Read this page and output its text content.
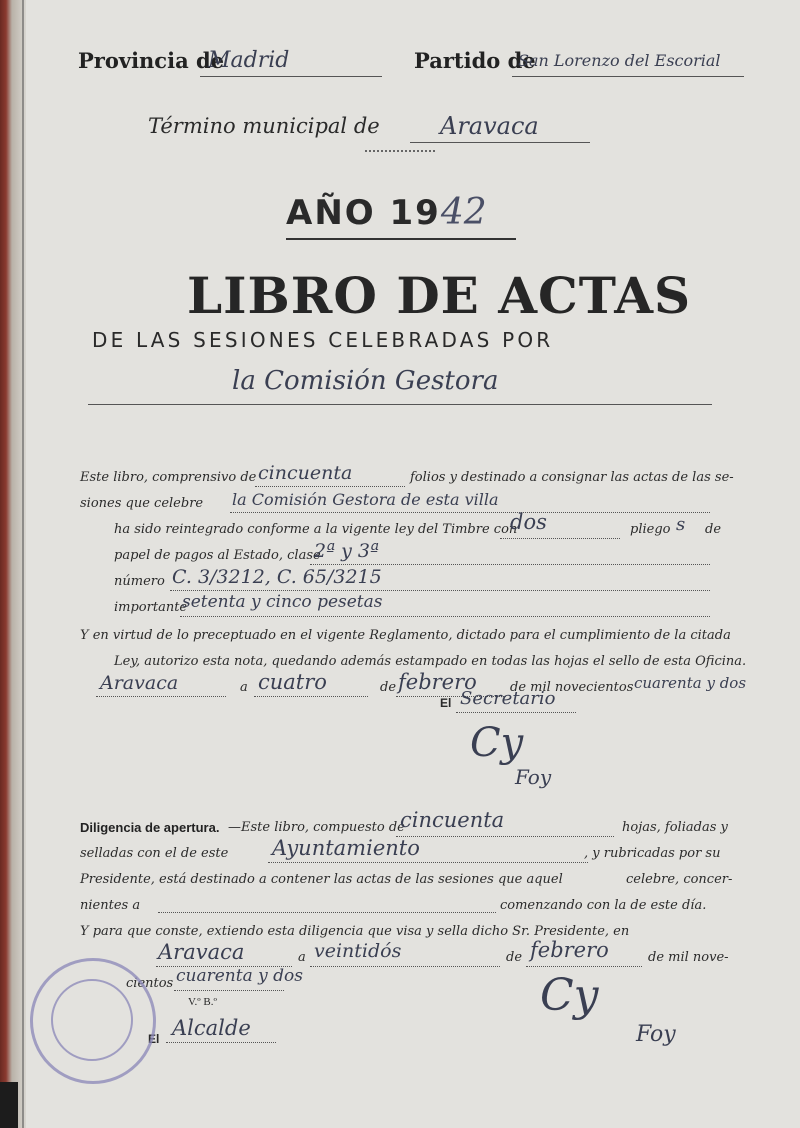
Provincia de
Madrid	Partido de
San Lorenzo del Escorial
Término municipal de	Aravaca
AÑO 1942
LIBRO DE ACTAS
DE LAS SESIONES CELEBRADAS POR
la Comisión Gestora
Este libro, comprensivo de cincuenta	folios y destinado a consignar las actas de las se-
siones que celebre la Comisión Gestora de esta villa
ha sido reintegrado conforme a la vigente ley del Timbre con
dos	pliego s de
papel de pagos al Estado, clase
2ª y 3ª
número C. 3/3212, C. 65/3215
importante
setenta y cinco pesetas
Y en virtud de lo preceptuado en el vigente Reglamento, dictado para el cumplimiento de la citada
Ley, autorizo esta nota, quedando además estampado en todas las hojas el sello de esta Oficina.
Aravaca	a cuatro	de febrero	de mil novecientos cuarenta y dos
El Secretario
Cy
Foy
Diligencia de apertura. —Este libro, compuesto de
cincuenta	hojas, foliadas y
selladas con el de este Ayuntamiento	, y rubricadas por su
Presidente, está destinado a contener las actas de las sesiones que aquel	celebre, concer-
nientes a	comenzando con la de este día.
Y para que conste, extiendo esta diligencia que visa y sella dicho Sr. Presidente, en
Aravaca	a veintidós	de febrero	de mil nove-
cientos cuarenta y dos
V.º B.º
El Alcalde
Cy
Foy
